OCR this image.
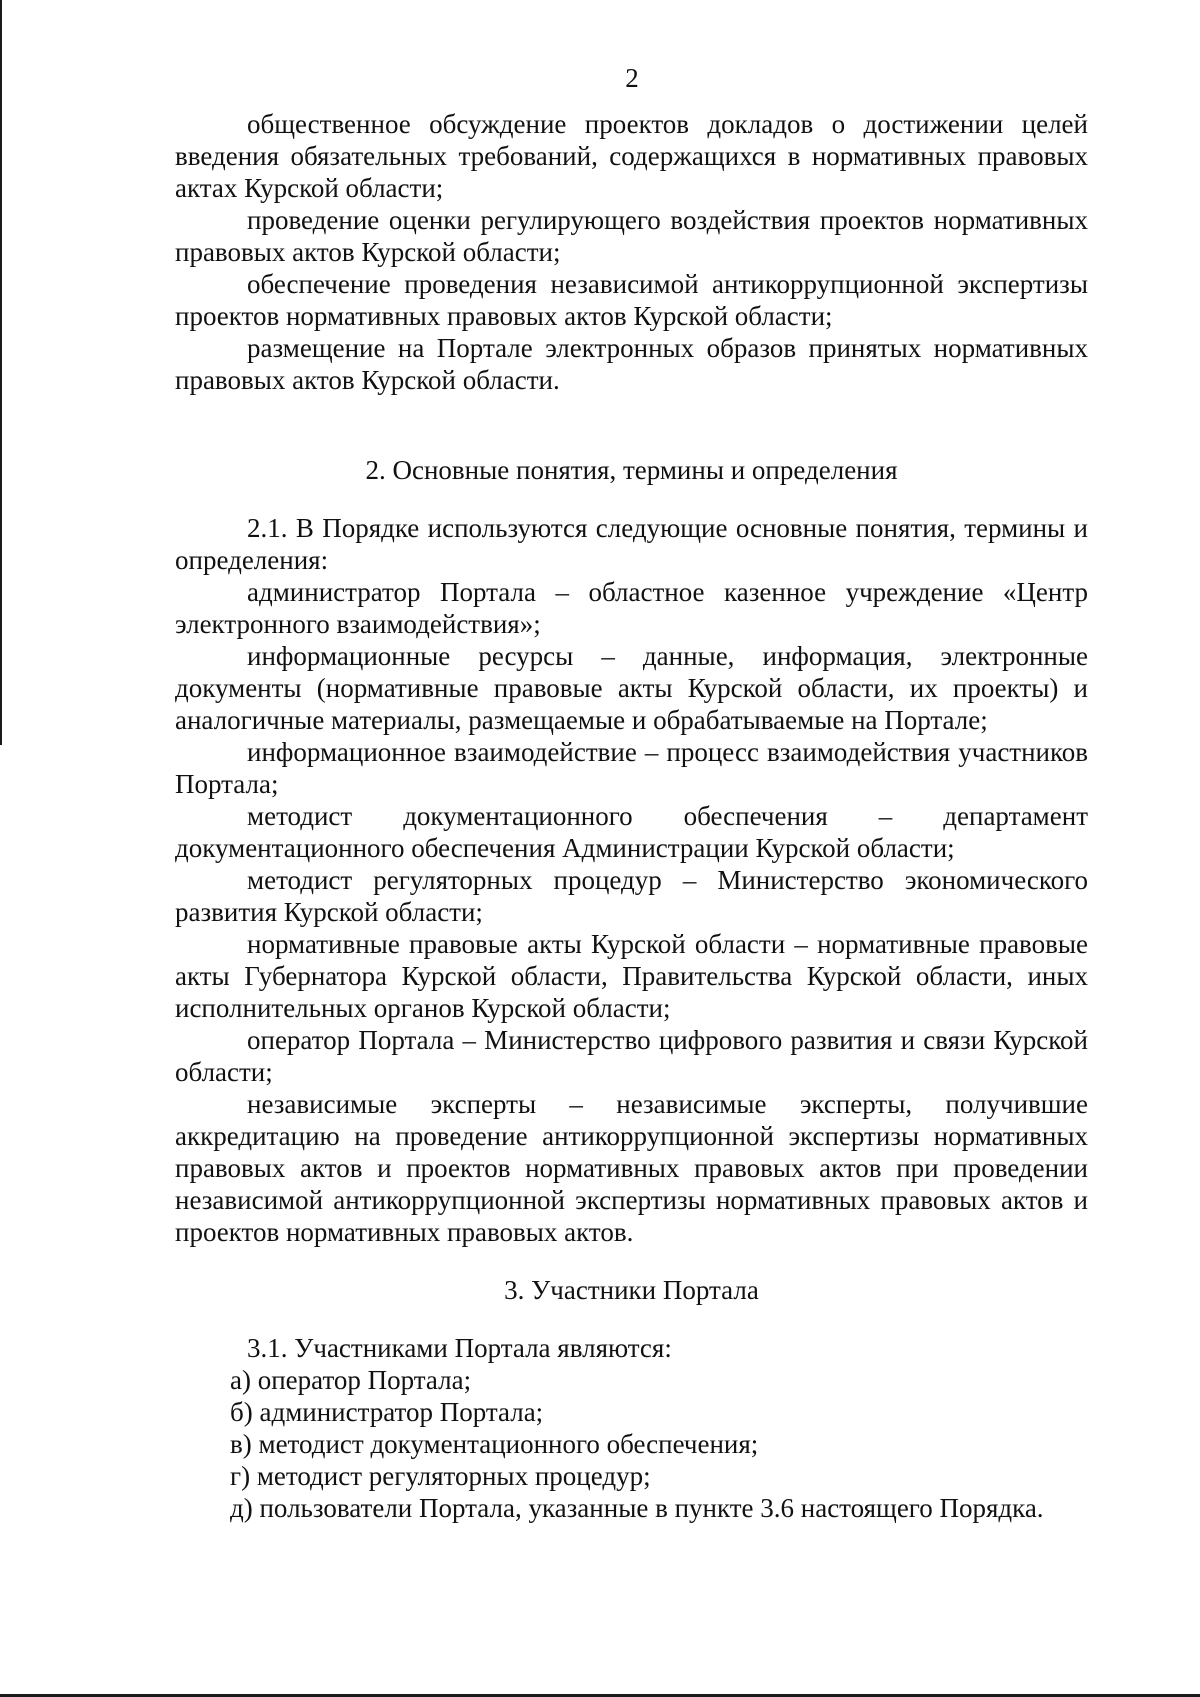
2

общественное обсуждение проектов докладов о достижении целей введения обязательных требований, содержащихся в нормативных правовых актах Курской области;

проведение оценки регулирующего воздействия проектов нормативных правовых актов Курской области;

обеспечение проведения независимой антикоррупционной экспертизы проектов нормативных правовых актов Курской области;

размещение на Портале электронных образов принятых нормативных правовых актов Курской области.

2. Основные понятия, термины и определения

2.1. В Порядке используются следующие основные понятия, термины и определения:

администратор Портала – областное казенное учреждение «Центр электронного взаимодействия»;

информационные ресурсы – данные, информация, электронные документы (нормативные правовые акты Курской области, их проекты) и аналогичные материалы, размещаемые и обрабатываемые на Портале;

информационное взаимодействие – процесс взаимодействия участников Портала;

методист документационного обеспечения – департамент документационного обеспечения Администрации Курской области;

методист регуляторных процедур – Министерство экономического развития Курской области;

нормативные правовые акты Курской области – нормативные правовые акты Губернатора Курской области, Правительства Курской области, иных исполнительных органов Курской области;

оператор Портала – Министерство цифрового развития и связи Курской области;

независимые эксперты – независимые эксперты, получившие аккредитацию на проведение антикоррупционной экспертизы нормативных правовых актов и проектов нормативных правовых актов при проведении независимой антикоррупционной экспертизы нормативных правовых актов и проектов нормативных правовых актов.

3. Участники Портала

3.1. Участниками Портала являются:

а) оператор Портала;
б) администратор Портала;
в) методист документационного обеспечения;
г) методист регуляторных процедур;
д) пользователи Портала, указанные в пункте 3.6 настоящего Порядка.
